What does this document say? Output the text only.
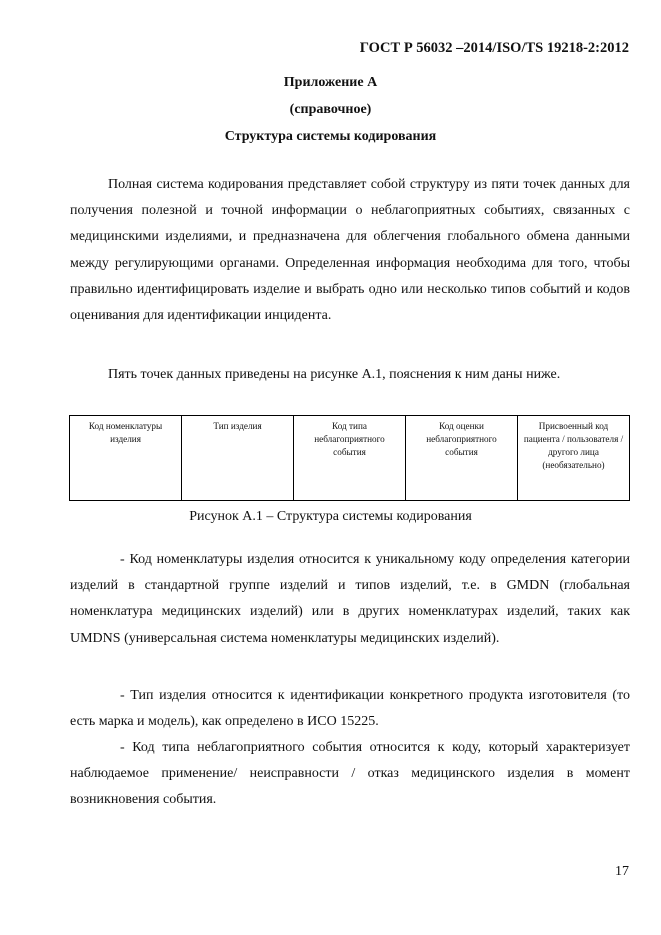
ГОСТ Р 56032 –2014/ISO/TS 19218-2:2012
Приложение А
(справочное)
Структура системы кодирования
Полная система кодирования представляет собой структуру из пяти точек данных для получения полезной и точной информации о неблагоприятных событиях, связанных с медицинскими изделиями, и предназначена для облегчения глобального обмена данными между регулирующими органами. Определенная информация необходима для того, чтобы правильно идентифицировать изделие и выбрать одно или несколько типов событий и кодов оценивания для идентификации инцидента.
Пять точек данных приведены на рисунке А.1, пояснения к ним даны ниже.
Код номенклатуры изделия	Тип изделия	Код типа неблагоприятного события	Код оценки неблагоприятного события	Присвоенный код пациента / пользователя / другого лица (необязательно)
Рисунок А.1 – Структура системы кодирования
- Код номенклатуры изделия относится к уникальному коду определения категории изделий в стандартной группе изделий и типов изделий, т.е. в GMDN (глобальная номенклатура медицинских изделий) или в других номенклатурах изделий, таких как UMDNS (универсальная система номенклатуры медицинских изделий).
- Тип изделия относится к идентификации конкретного продукта изготовителя (то есть марка и модель), как определено в ИСО 15225.
- Код типа неблагоприятного события относится к коду, который характеризует наблюдаемое применение/ неисправности / отказ медицинского изделия в момент возникновения события.
17
